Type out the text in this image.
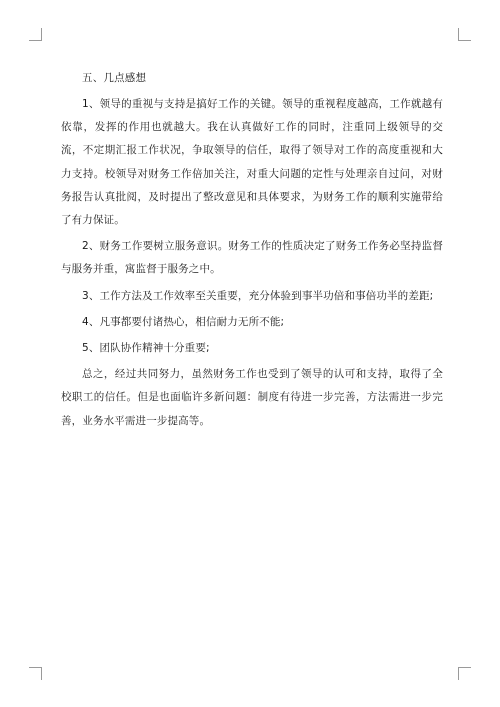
五、几点感想

1、领导的重视与支持是搞好工作的关键。领导的重视程度越高，工作就越有依靠，发挥的作用也就越大。我在认真做好工作的同时，注重同上级领导的交流，不定期汇报工作状况，争取领导的信任，取得了领导对工作的高度重视和大力支持。校领导对财务工作倍加关注，对重大问题的定性与处理亲自过问，对财务报告认真批阅，及时提出了整改意见和具体要求，为财务工作的顺利实施带给了有力保证。

2、财务工作要树立服务意识。财务工作的性质决定了财务工作务必坚持监督与服务并重，寓监督于服务之中。

3、工作方法及工作效率至关重要，充分体验到事半功倍和事倍功半的差距;

4、凡事都要付诸热心，相信耐力无所不能;

5、团队协作精神十分重要;

总之，经过共同努力，虽然财务工作也受到了领导的认可和支持，取得了全校职工的信任。但是也面临许多新问题：制度有待进一步完善，方法需进一步完善，业务水平需进一步提高等。
